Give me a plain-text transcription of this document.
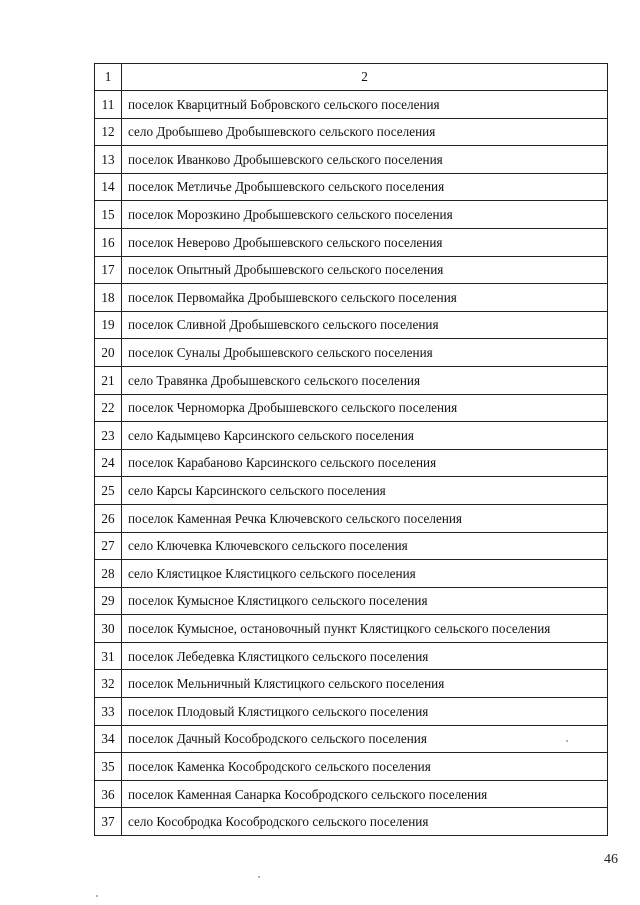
1	2
11	поселок Кварцитный Бобровского сельского поселения
12	село Дробышево Дробышевского сельского поселения
13	поселок Иванково Дробышевского сельского поселения
14	поселок Метличье Дробышевского сельского поселения
15	поселок Морозкино Дробышевского сельского поселения
16	поселок Неверово Дробышевского сельского поселения
17	поселок Опытный Дробышевского сельского поселения
18	поселок Первомайка Дробышевского сельского поселения
19	поселок Сливной Дробышевского сельского поселения
20	поселок Суналы Дробышевского сельского поселения
21	село Травянка Дробышевского сельского поселения
22	поселок Черноморка Дробышевского сельского поселения
23	село Кадымцево Карсинского сельского поселения
24	поселок Карабаново Карсинского сельского поселения
25	село Карсы Карсинского сельского поселения
26	поселок Каменная Речка Ключевского сельского поселения
27	село Ключевка Ключевского сельского поселения
28	село Клястицкое Клястицкого сельского поселения
29	поселок Кумысное Клястицкого сельского поселения
30	поселок Кумысное, остановочный пункт Клястицкого сельского поселения
31	поселок Лебедевка Клястицкого сельского поселения
32	поселок Мельничный Клястицкого сельского поселения
33	поселок Плодовый Клястицкого сельского поселения
34	поселок Дачный Кособродского сельского поселения
35	поселок Каменка Кособродского сельского поселения
36	поселок Каменная Санарка Кособродского сельского поселения
37	село Кособродка Кособродского сельского поселения
46
